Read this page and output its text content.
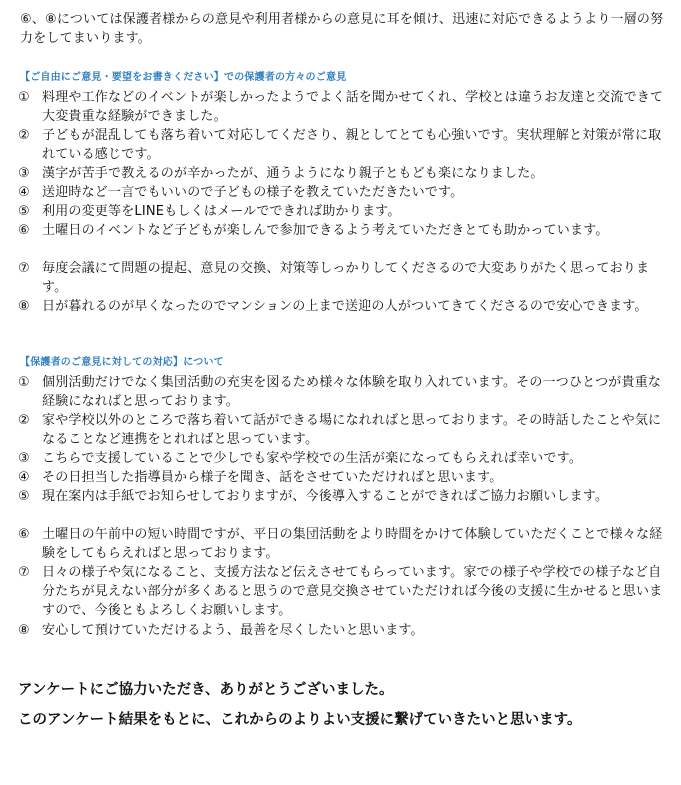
⑥、⑧については保護者様からの意見や利用者様からの意見に耳を傾け、迅速に対応できるようより一層の努力をしてまいります。
【ご自由にご意見・要望をお書きください】での保護者の方々のご意見
① 料理や工作などのイベントが楽しかったようでよく話を聞かせてくれ、学校とは違うお友達と交流できて大変貴重な経験ができました。
② 子どもが混乱しても落ち着いて対応してくださり、親としてとても心強いです。実状理解と対策が常に取れている感じです。
③ 漢字が苦手で教えるのが辛かったが、通うようになり親子ともども楽になりました。
④ 送迎時など一言でもいいので子どもの様子を教えていただきたいです。
⑤ 利用の変更等をLINEもしくはメールでできれば助かります。
⑥ 土曜日のイベントなど子どもが楽しんで参加できるよう考えていただきとても助かっています。
⑦ 毎度会議にて問題の提起、意見の交換、対策等しっかりしてくださるので大変ありがたく思っております。
⑧ 日が暮れるのが早くなったのでマンションの上まで送迎の人がついてきてくださるので安心できます。
【保護者のご意見に対しての対応】について
① 個別活動だけでなく集団活動の充実を図るため様々な体験を取り入れています。その一つひとつが貴重な経験になればと思っております。
② 家や学校以外のところで落ち着いて話ができる場になれればと思っております。その時話したことや気になることなど連携をとれればと思っています。
③ こちらで支援していることで少しでも家や学校での生活が楽になってもらえれば幸いです。
④ その日担当した指導員から様子を聞き、話をさせていただければと思います。
⑤ 現在案内は手紙でお知らせしておりますが、今後導入することができればご協力お願いします。
⑥ 土曜日の午前中の短い時間ですが、平日の集団活動をより時間をかけて体験していただくことで様々な経験をしてもらえればと思っております。
⑦ 日々の様子や気になること、支援方法など伝えさせてもらっています。家での様子や学校での様子など自分たちが見えない部分が多くあると思うので意見交換させていただければ今後の支援に生かせると思いますので、今後ともよろしくお願いします。
⑧ 安心して預けていただけるよう、最善を尽くしたいと思います。
アンケートにご協力いただき、ありがとうございました。
このアンケート結果をもとに、これからのよりよい支援に繋げていきたいと思います。
